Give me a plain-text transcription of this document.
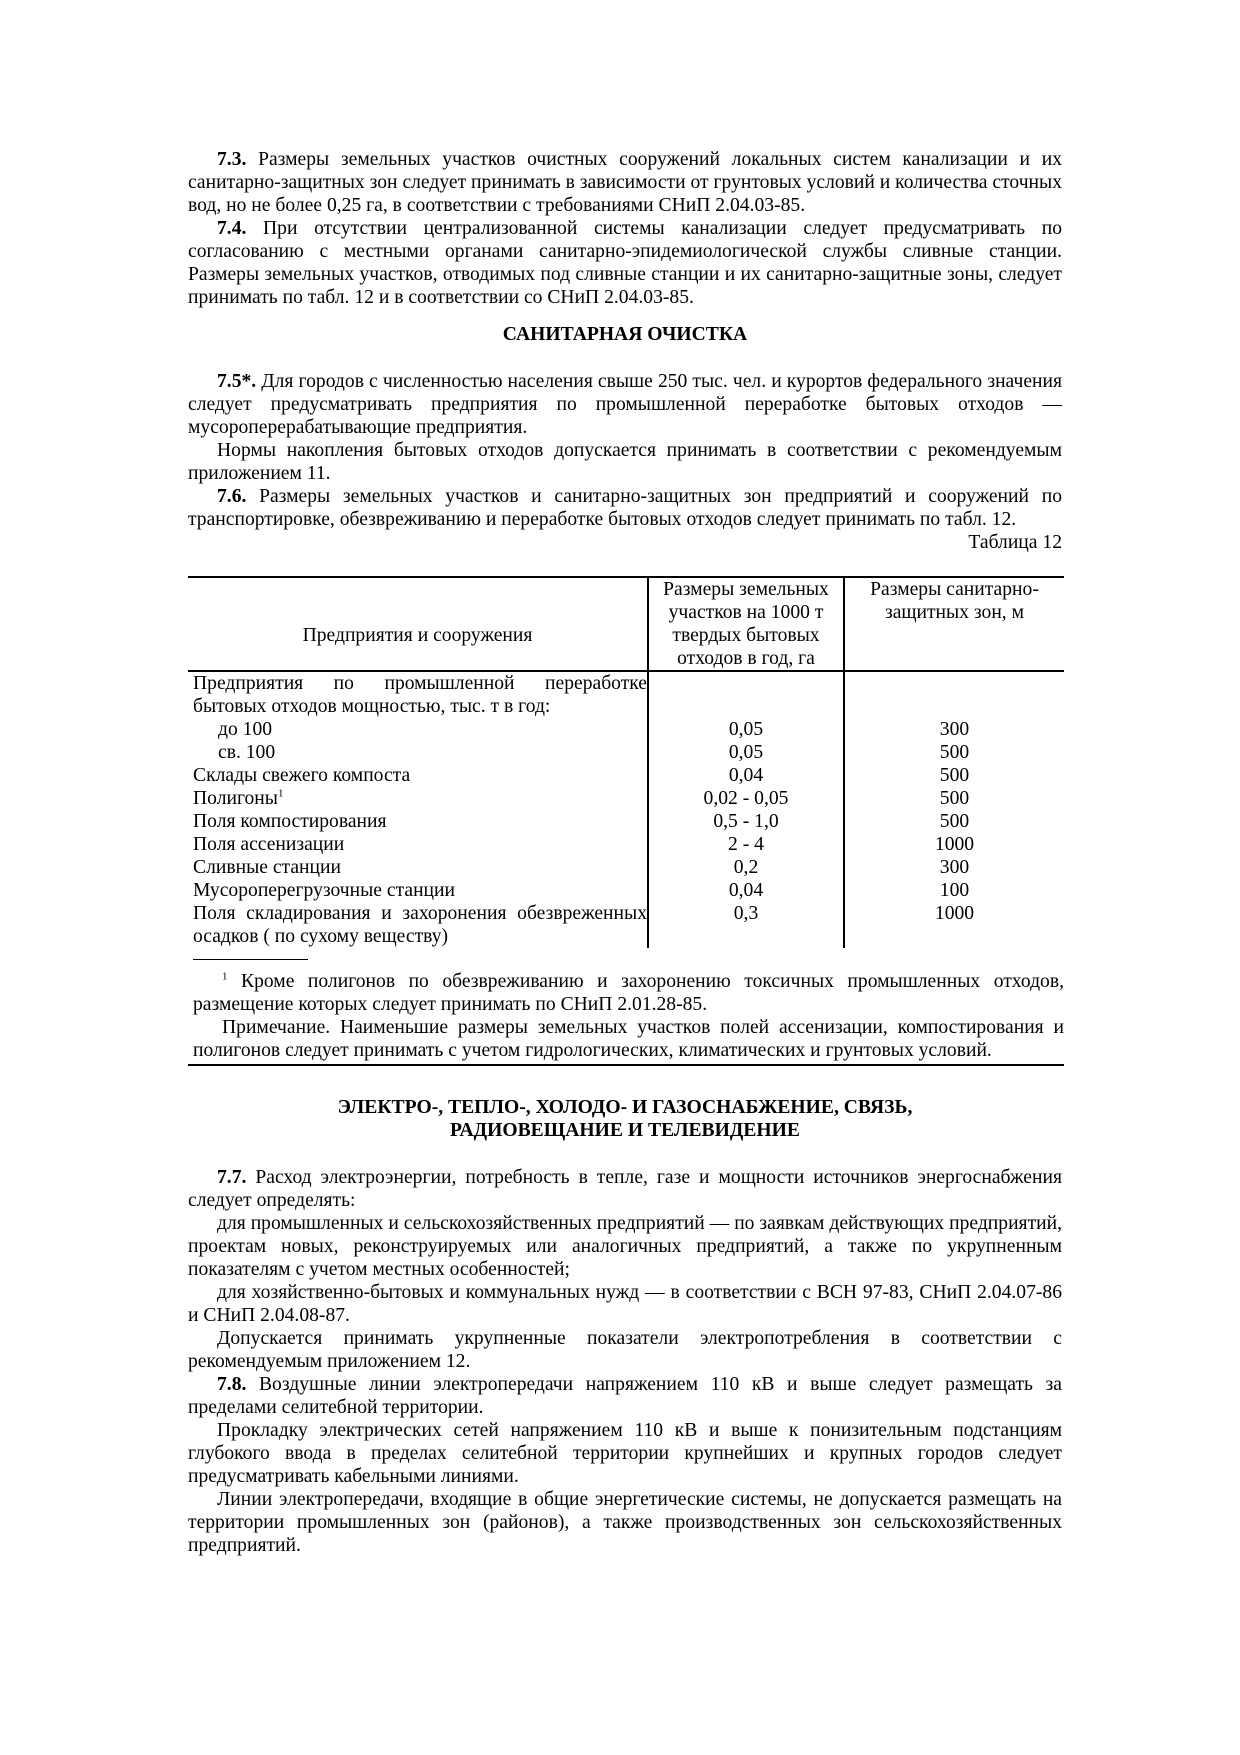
7.3. Размеры земельных участков очистных сооружений локальных систем канализации и их санитарно-защитных зон следует принимать в зависимости от грунтовых условий и количества сточных вод, но не более 0,25 га, в соответствии с требованиями СНиП 2.04.03-85.

7.4. При отсутствии централизованной системы канализации следует предусматривать по согласованию с местными органами санитарно-эпидемиологической службы сливные станции. Размеры земельных участков, отводимых под сливные станции и их санитарно-защитные зоны, следует принимать по табл. 12 и в соответствии со СНиП 2.04.03-85.

САНИТАРНАЯ ОЧИСТКА

7.5*. Для городов с численностью населения свыше 250 тыс. чел. и курортов федерального значения следует предусматривать предприятия по промышленной переработке бытовых отходов — мусороперерабатывающие предприятия.

Нормы накопления бытовых отходов допускается принимать в соответствии с рекомендуемым приложением 11.

7.6. Размеры земельных участков и санитарно-защитных зон предприятий и сооружений по транспортировке, обезвреживанию и переработке бытовых отходов следует принимать по табл. 12.

Таблица 12

Предприятия и сооружения	Размеры земельных участков на 1000 т твердых бытовых отходов в год, га	Размеры санитарно-защитных зон, м
Предприятия по промышленной переработке бытовых отходов мощностью, тыс. т в год:		
до 100	0,05	300
св. 100	0,05	500
Склады свежего компоста	0,04	500
Полигоны$^1$	0,02 - 0,05	500
Поля компостирования	0,5 - 1,0	500
Поля ассенизации	2 - 4	1000
Сливные станции	0,2	300
Мусороперегрузочные станции	0,04	100
Поля складирования и захоронения обезвреженных осадков ( по сухому веществу)	0,3	1000

$^1$ Кроме полигонов по обезвреживанию и захоронению токсичных промышленных отходов, размещение которых следует принимать по СНиП 2.01.28-85.

Примечание. Наименьшие размеры земельных участков полей ассенизации, компостирования и полигонов следует принимать с учетом гидрологических, климатических и грунтовых условий.

ЭЛЕКТРО-, ТЕПЛО-, ХОЛОДО- И ГАЗОСНАБЖЕНИЕ, СВЯЗЬ,
РАДИОВЕЩАНИЕ И ТЕЛЕВИДЕНИЕ

7.7. Расход электроэнергии, потребность в тепле, газе и мощности источников энергоснабжения следует определять:

для промышленных и сельскохозяйственных предприятий — по заявкам действующих предприятий, проектам новых, реконструируемых или аналогичных предприятий, а также по укрупненным показателям с учетом местных особенностей;

для хозяйственно-бытовых и коммунальных нужд — в соответствии с ВСН 97-83, СНиП 2.04.07-86 и СНиП 2.04.08-87.

Допускается принимать укрупненные показатели электропотребления в соответствии с рекомендуемым приложением 12.

7.8. Воздушные линии электропередачи напряжением 110 кВ и выше следует размещать за пределами селитебной территории.

Прокладку электрических сетей напряжением 110 кВ и выше к понизительным подстанциям глубокого ввода в пределах селитебной территории крупнейших и крупных городов следует предусматривать кабельными линиями.

Линии электропередачи, входящие в общие энергетические системы, не допускается размещать на территории промышленных зон (районов), а также производственных зон сельскохозяйственных предприятий.
